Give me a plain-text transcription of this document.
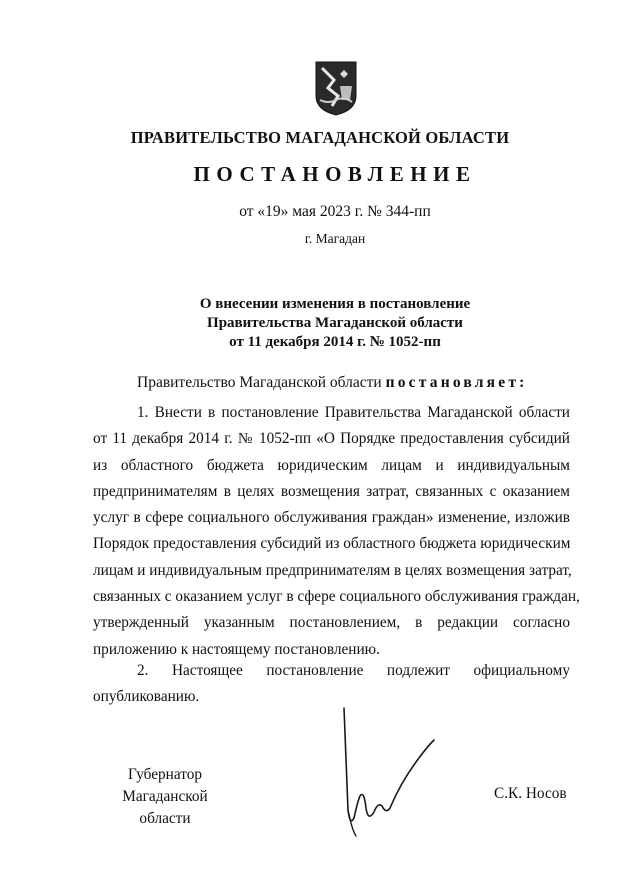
ПРАВИТЕЛЬСТВО МАГАДАНСКОЙ ОБЛАСТИ
ПОСТАНОВЛЕНИЕ
от «19» мая 2023 г. № 344-пп
г. Магадан
О внесении изменения в постановление
Правительства Магаданской области
от 11 декабря 2014 г. № 1052-пп
Правительство Магаданской области постановляет:
1. Внести в постановление Правительства Магаданской области
от 11 декабря 2014 г. № 1052-пп «О Порядке предоставления субсидий
из областного бюджета юридическим лицам и индивидуальным
предпринимателям в целях возмещения затрат, связанных с оказанием
услуг в сфере социального обслуживания граждан» изменение, изложив
Порядок предоставления субсидий из областного бюджета юридическим
лицам и индивидуальным предпринимателям в целях возмещения затрат,
связанных с оказанием услуг в сфере социального обслуживания граждан,
утвержденный указанным постановлением, в редакции согласно
приложению к настоящему постановлению.
2. Настоящее постановление подлежит официальному
опубликованию.
Губернатор
Магаданской области
С.К. Носов
